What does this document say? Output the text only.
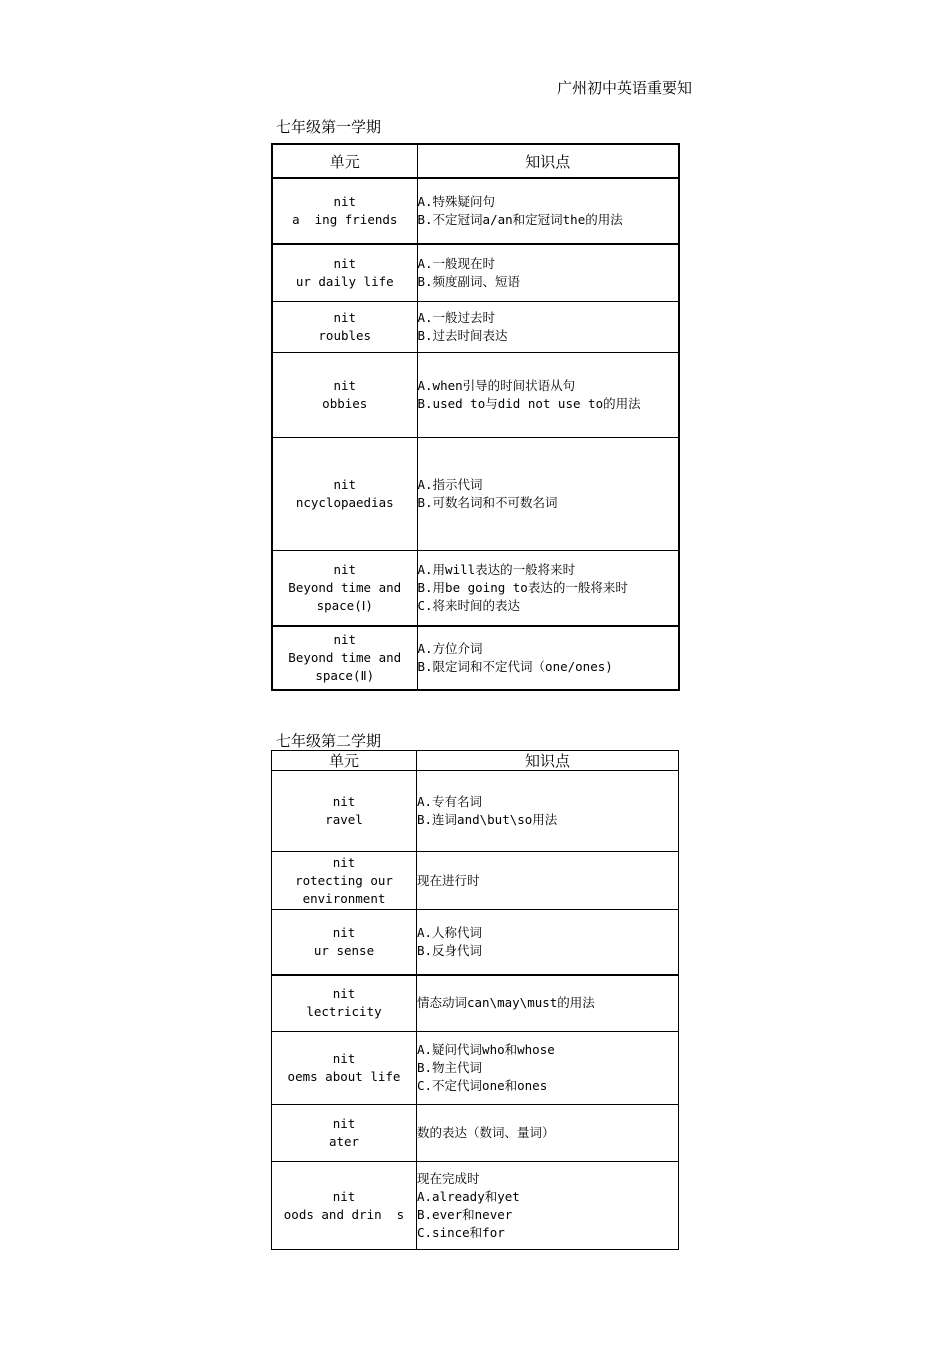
广州初中英语重要知
七年级第一学期
单元	知识点

nit
a  ing friends	A.特殊疑问句
B.不定冠词a/an和定冠词the的用法

nit
ur daily life	A.一般现在时
B.频度副词、短语

nit
roubles	A.一般过去时
B.过去时间表达

nit
obbies	A.when引导的时间状语从句
B.used to与did not use to的用法

nit
ncyclopaedias	A.指示代词
B.可数名词和不可数名词

nit
Beyond time and
space(Ⅰ)	A.用will表达的一般将来时
B.用be going to表达的一般将来时
C.将来时间的表达

nit
Beyond time and
space(Ⅱ)	A.方位介词
B.限定词和不定代词（one/ones)
七年级第二学期
单元	知识点

nit
ravel	A.专有名词
B.连词and\but\so用法

nit
rotecting our
environment	现在进行时

nit
ur sense	A.人称代词
B.反身代词

nit
lectricity	情态动词can\may\must的用法

nit
oems about life	A.疑问代词who和whose
B.物主代词
C.不定代词one和ones

nit
ater	数的表达（数词、量词）

nit
oods and drin  s	现在完成时
A.already和yet
B.ever和never
C.since和for
